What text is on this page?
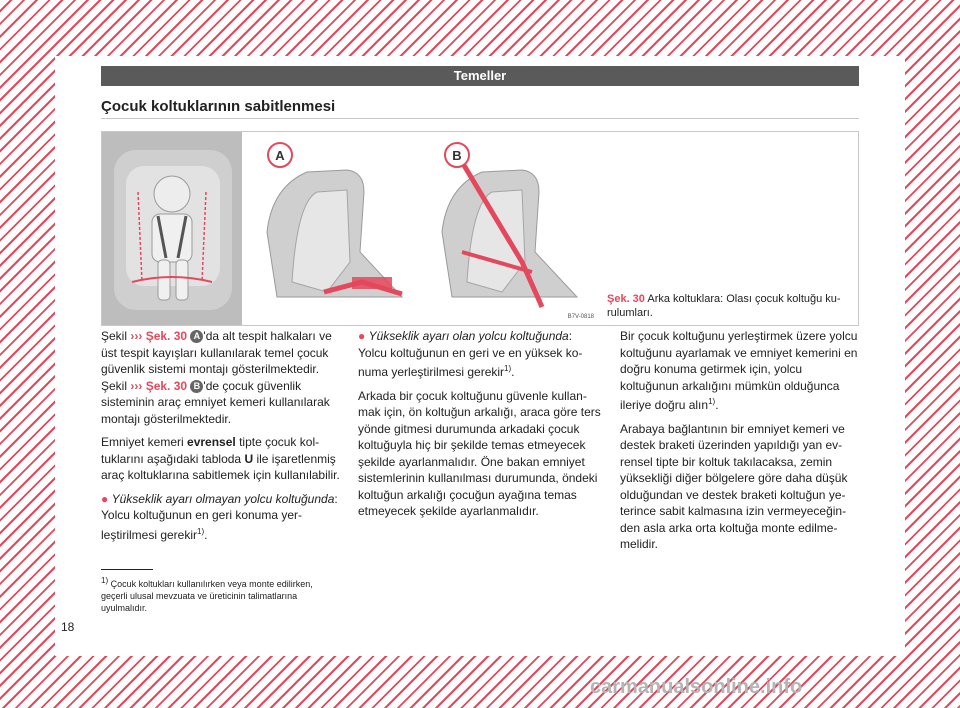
Temeller
Çocuk koltuklarının sabitlenmesi
A	B
B7V-0818
Şek. 30 Arka koltuklara: Olası çocuk koltuğu kurulumları.

Şekil ››› Şek. 30 A 'da alt tespit halkaları ve üst tespit kayışları kullanılarak temel çocuk güvenlik sistemi montajı gösterilmektedir. Şekil ››› Şek. 30 B 'de çocuk güvenlik sisteminin araç emniyet kemeri kullanılarak montajı gösterilmektedir.

Emniyet kemeri evrensel tipte çocuk koltuklarını aşağıdaki tabloda U ile işaretlenmiş araç koltuklarına sabitlemek için kullanılabilir.

● Yükseklik ayarı olmayan yolcu koltuğunda: Yolcu koltuğunun en geri konuma yerleştirilmesi gerekir$^{1)}$.

● Yükseklik ayarı olan yolcu koltuğunda: Yolcu koltuğunun en geri ve en yüksek konuma yerleştirilmesi gerekir$^{1)}$.

Arkada bir çocuk koltuğunu güvenle kullanmak için, ön koltuğun arkalığı, araca göre ters yönde gitmesi durumunda arkadaki çocuk koltuğuyla hiç bir şekilde temas etmeyecek şekilde ayarlanmalıdır. Öne bakan emniyet sistemlerinin kullanılması durumunda, öndeki koltuğun arkalığı çocuğun ayağına temas etmeyecek şekilde ayarlanmalıdır.

Bir çocuk koltuğunu yerleştirmek üzere yolcu koltuğunu ayarlamak ve emniyet kemerini en doğru konuma getirmek için, yolcu koltuğunun arkalığını mümkün olduğunca ileriye doğru alın$^{1)}$.

Arabaya bağlantının bir emniyet kemeri ve destek braketi üzerinden yapıldığı yan evrensel tipte bir koltuk takılacaksa, zemin yüksekliği diğer bölgelere göre daha düşük olduğundan ve destek braketi koltuğun yeterince sabit kalmasına izin vermeyeceğinden asla arka orta koltuğa monte edilmemelidir.

$^{1)}$ Çocuk koltukları kullanılırken veya monte edilirken, geçerli ulusal mevzuata ve üreticinin talimatlarına uyulmalıdır.
18
carmanualsonline.info
